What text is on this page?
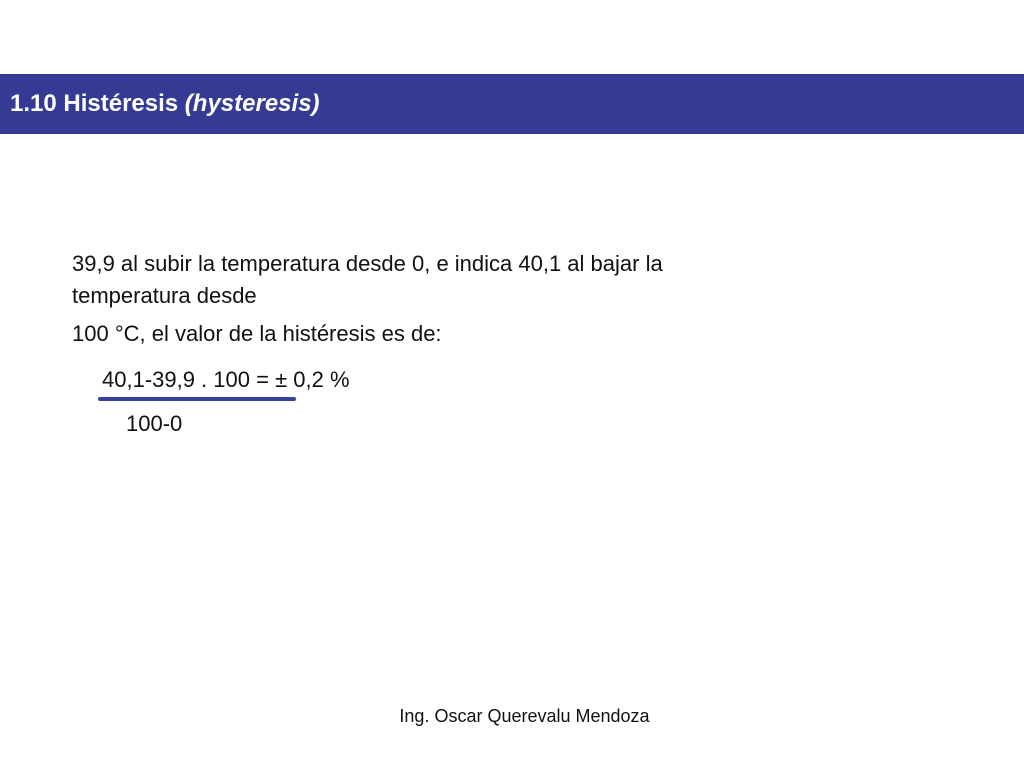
1.10 Histéresis (hysteresis)
39,9 al subir la temperatura desde 0, e indica 40,1 al bajar la
temperatura desde
100 °C, el valor de la histéresis es de:
40,1-39,9 . 100 = ± 0,2 %
100-0
Ing. Oscar Querevalu Mendoza
